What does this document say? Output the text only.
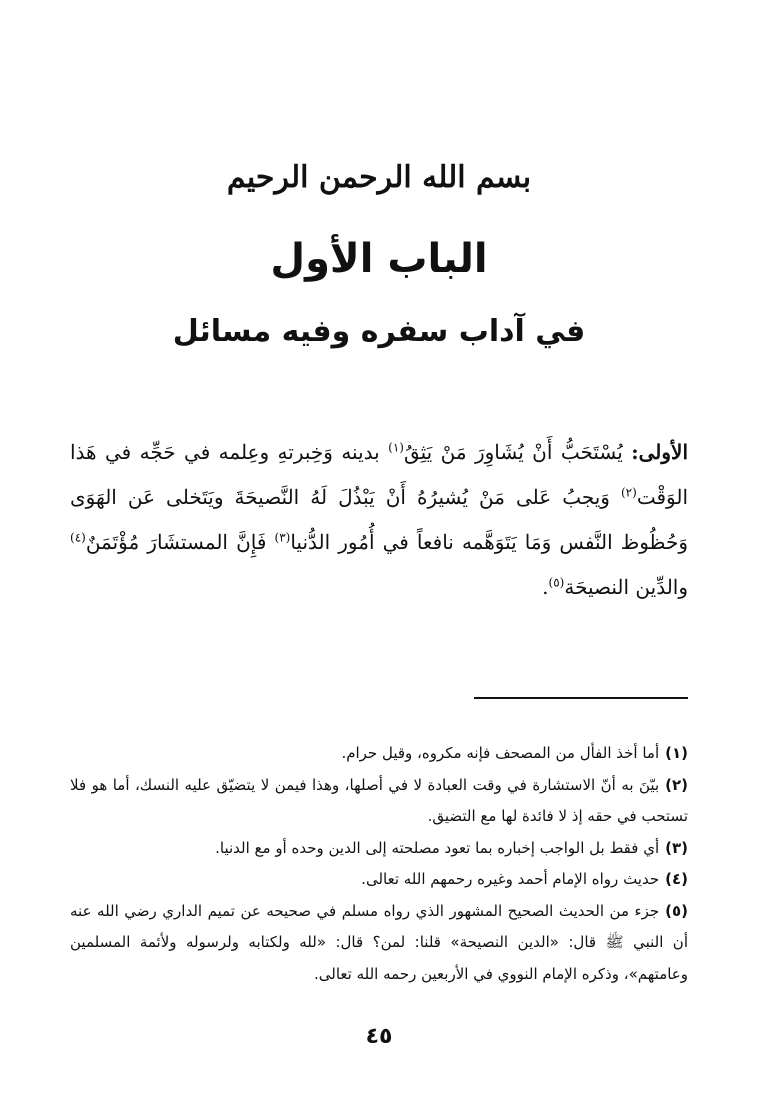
بسم الله الرحمن الرحيم
الباب الأول
في آداب سفره وفيه مسائل
الأولى: يُسْتَحَبُّ أَنْ يُشَاوِرَ مَنْ يَثِقُ$^{(١)}$ بدينه وَخِبرتهِ وعِلمه في حَجِّه في هَذا الوَقْت$^{(٢)}$ وَيجبُ عَلى مَنْ يُشيرُهُ أَنْ يَبْذُلَ لَهُ النَّصيحَةَ ويَتَخلى عَن الهَوَى وَحُظُوظ النَّفس وَمَا يَتَوَهَّمه نافعاً في أُمُور الدُّنيا$^{(٣)}$ فَإِنَّ المستشَارَ مُؤْتَمَنٌ$^{(٤)}$ والدِّين النصيحَة$^{(٥)}$.

(١)أما أخذ الفأل من المصحف فإنه مكروه، وقيل حرام.

(٢)بيّنَ به أنّ الاستشارة في وقت العبادة لا في أصلها، وهذا فيمن لا يتضيّق عليه النسك، أما هو فلا تستحب في حقه إذ لا فائدة لها مع التضيق.

(٣)أي فقط بل الواجب إخباره بما تعود مصلحته إلى الدين وحده أو مع الدنيا.

(٤)حديث رواه الإمام أحمد وغيره رحمهم الله تعالى.

(٥)جزء من الحديث الصحيح المشهور الذي رواه مسلم في صحيحه عن تميم الداري رضي الله عنه أن النبي ﷺ قال: «الدين النصيحة» قلنا: لمن؟ قال: «لله ولكتابه ولرسوله ولأئمة المسلمين وعامتهم»، وذكره الإمام النووي في الأربعين رحمه الله تعالى.

٤٥
